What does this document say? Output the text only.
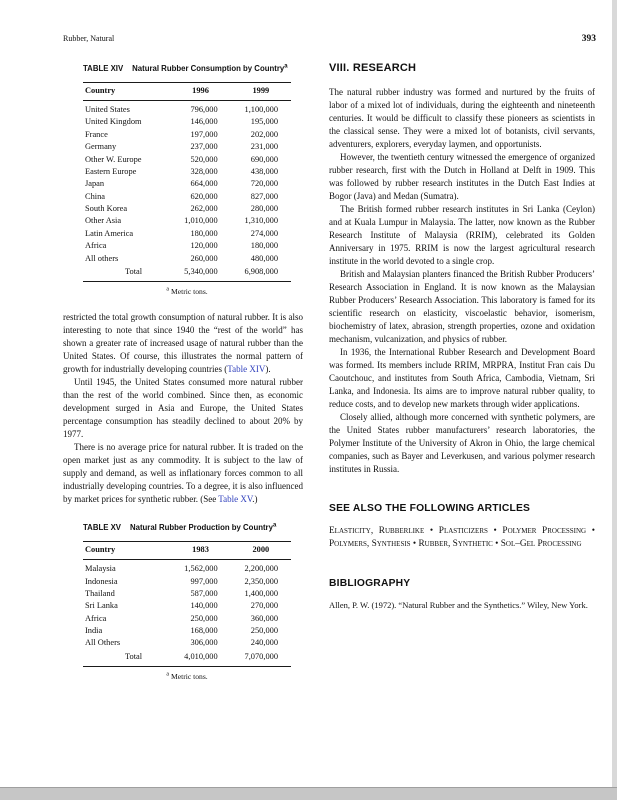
Rubber, Natural	393
TABLE XIV Natural Rubber Consumption by Country$^a$
Country	1996	1999
United States	796,000	1,100,000
United Kingdom	146,000	195,000
France	197,000	202,000
Germany	237,000	231,000
Other W. Europe	520,000	690,000
Eastern Europe	328,000	438,000
Japan	664,000	720,000
China	620,000	827,000
South Korea	262,000	280,000
Other Asia	1,010,000	1,310,000
Latin America	180,000	274,000
Africa	120,000	180,000
All others	260,000	480,000
Total	5,340,000	6,908,000
$^a$ Metric tons.

restricted the total growth consumption of natural rubber. It is also interesting to note that since 1940 the “rest of the world” has shown a greater rate of increased usage of natural rubber than the United States. Of course, this illustrates the normal pattern of growth for industrially developing countries (Table XIV).

Until 1945, the United States consumed more natural rubber than the rest of the world combined. Since then, as economic development surged in Asia and Europe, the United States percentage consumption has steadily declined to about 20% by 1977.

There is no average price for natural rubber. It is traded on the open market just as any commodity. It is subject to the law of supply and demand, as well as inflationary forces common to all industrially developing countries. To a degree, it is also influenced by market prices for synthetic rubber. (See Table XV.)

TABLE XV Natural Rubber Production by Country$^a$
Country	1983	2000
Malaysia	1,562,000	2,200,000
Indonesia	997,000	2,350,000
Thailand	587,000	1,400,000
Sri Lanka	140,000	270,000
Africa	250,000	360,000
India	168,000	250,000
All Others	306,000	240,000
Total	4,010,000	7,070,000
$^a$ Metric tons.
VIII. RESEARCH

The natural rubber industry was formed and nurtured by the fruits of labor of a mixed lot of individuals, during the eighteenth and nineteenth centuries. It would be difficult to classify these pioneers as scientists in the classical sense. They were a mixed lot of botanists, civil servants, adventurers, explorers, everyday laymen, and opportunists.

However, the twentieth century witnessed the emergence of organized rubber research, first with the Dutch in Holland at Delft in 1909. This was followed by rubber research institutes in the Dutch East Indies at Bogor (Java) and Medan (Sumatra).

The British formed rubber research institutes in Sri Lanka (Ceylon) and at Kuala Lumpur in Malaysia. The latter, now known as the Rubber Research Institute of Malaysia (RRIM), celebrated its Golden Anniversary in 1975. RRIM is now the largest agricultural research institute in the world devoted to a single crop.

British and Malaysian planters financed the British Rubber Producers’ Research Association in England. It is now known as the Malaysian Rubber Producers’ Research Association. This laboratory is famed for its scientific research on elasticity, viscoelastic behavior, isomerism, biochemistry of latex, abrasion, strength properties, ozone and oxidation mechanism, vulcanization, and physics of rubber.

In 1936, the International Rubber Research and Development Board was formed. Its members include RRIM, MRPRA, Institut Fran cais Du Caoutchouc, and institutes from South Africa, Cambodia, Vietnam, Sri Lanka, and Indonesia. Its aims are to improve natural rubber quality, to reduce costs, and to develop new markets through wider applications.

Closely allied, although more concerned with synthetic polymers, are the United States rubber manufacturers’ research laboratories, the Polymer Institute of the University of Akron in Ohio, the large chemical companies, such as Bayer and Leverkusen, and various polymer research institutes in Russia.

SEE ALSO THE FOLLOWING ARTICLES

Elasticity, Rubberlike • Plasticizers • Polymer Processing • Polymers, Synthesis • Rubber, Synthetic • Sol–Gel Processing

BIBLIOGRAPHY

Allen, P. W. (1972). “Natural Rubber and the Synthetics.” Wiley, New York.
